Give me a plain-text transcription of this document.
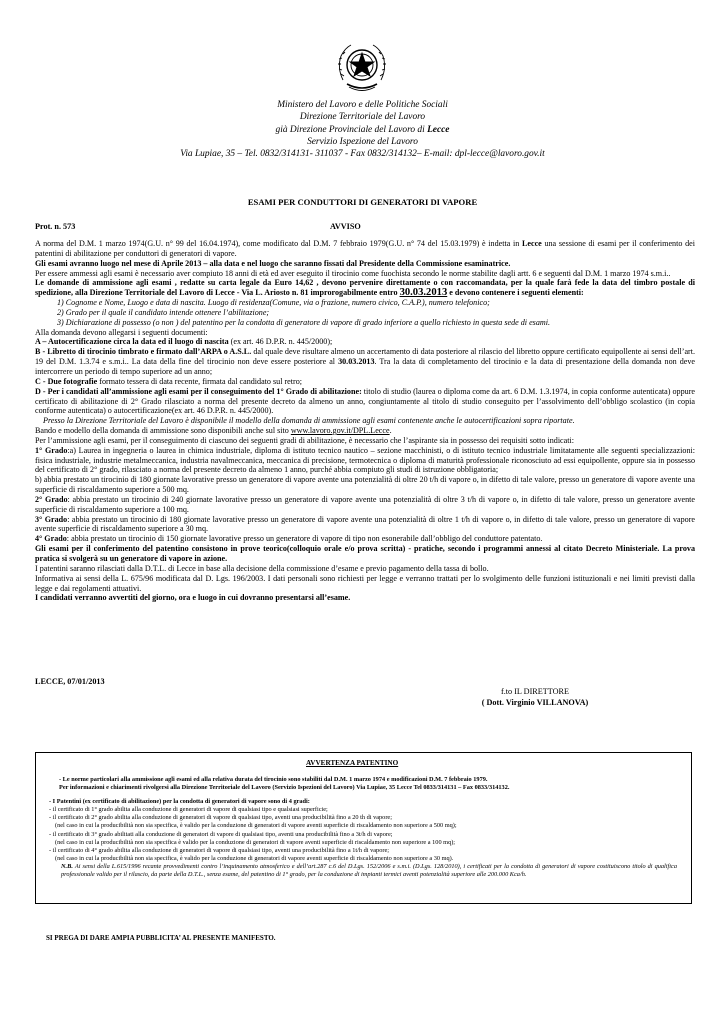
Ministero del Lavoro e delle Politiche Sociali
Direzione Territoriale del Lavoro
già Direzione Provinciale del Lavoro di Lecce
Servizio Ispezione del Lavoro
Via Lupiae, 35 – Tel. 0832/314131- 311037 - Fax 0832/314132– E-mail: dpl-lecce@lavoro.gov.it
ESAMI PER CONDUTTORI DI GENERATORI DI VAPORE
Prot. n. 573	AVVISO

A norma del D.M. 1 marzo 1974(G.U. n° 99 del 16.04.1974), come modificato dal D.M. 7 febbraio 1979(G.U. n° 74 del 15.03.1979) è indetta in Lecce una sessione di esami per il conferimento dei patentini di abilitazione per conduttori di generatori di vapore.

Gli esami avranno luogo nel mese di Aprile 2013 – alla data e nel luogo che saranno fissati dal Presidente della Commissione esaminatrice.

Per essere ammessi agli esami è necessario aver compiuto 18 anni di età ed aver eseguito il tirocinio come fuochista secondo le norme stabilite dagli artt. 6 e seguenti dal D.M. 1 marzo 1974 s.m.i..

Le domande di ammissione agli esami , redatte su carta legale da Euro 14,62 , devono pervenire direttamente o con raccomandata, per la quale farà fede la data del timbro postale di spedizione, alla Direzione Territoriale del Lavoro di Lecce - Via L. Ariosto n. 81 improrogabilmente entro 30.03.2013 e devono contenere i seguenti elementi:

1) Cognome e Nome, Luogo e data di nascita. Luogo di residenza(Comune, via o frazione, numero civico, C.A.P.), numero telefonico;
2) Grado per il quale il candidato intende ottenere l’abilitazione;
3) Dichiarazione di possesso (o non ) del patentino per la condotta di generatore di vapore di grado inferiore a quello richiesto in questa sede di esami.

Alla domanda devono allegarsi i seguenti documenti:

A – Autocertificazione circa la data ed il luogo di nascita (ex art. 46 D.P.R. n. 445/2000);

B - Libretto di tirocinio timbrato e firmato dall’ARPA o A.S.L. dal quale deve risultare almeno un accertamento di data posteriore al rilascio del libretto oppure certificato equipollente ai sensi dell’art. 19 del D.M. 1.3.74 e s.m.i.. La data della fine del tirocinio non deve essere posteriore al 30.03.2013. Tra la data di completamento del tirocinio e la data di presentazione della domanda non deve intercorrere un periodo di tempo superiore ad un anno;

C - Due fotografie formato tessera di data recente, firmata dal candidato sul retro;

D - Per i candidati all’ammissione agli esami per il conseguimento del 1° Grado di abilitazione: titolo di studio (laurea o diploma come da art. 6 D.M. 1.3.1974, in copia conforme autenticata) oppure certificato di abilitazione di 2° Grado rilasciato a norma del presente decreto da almeno un anno, congiuntamente al titolo di studio conseguito per l’assolvimento dell’obbligo scolastico (in copia conforme autenticata) o autocertificazione(ex art. 46 D.P.R. n. 445/2000).

Presso la Direzione Territoriale del Lavoro è disponibile il modello della domanda di ammissione agli esami contenente anche le autocertificazioni sopra riportate.

Bando e modello della domanda di ammissione sono disponibili anche sul sito www.lavoro.gov.it/DPL.Lecce.

Per l’ammissione agli esami, per il conseguimento di ciascuno dei seguenti gradi di abilitazione, è necessario che l’aspirante sia in possesso dei requisiti sotto indicati:

1° Grado:a) Laurea in ingegneria o laurea in chimica industriale, diploma di istituto tecnico nautico – sezione macchinisti, o di istituto tecnico industriale limitatamente alle seguenti specializzazioni: fisica industriale, industrie metalmeccanica, industria navalmeccanica, meccanica di precisione, termotecnica o diploma di maturità professionale riconosciuto ad essi equipollente, oppure sia in possesso del certificato di 2° grado, rilasciato a norma del presente decreto da almeno 1 anno, purché abbia compiuto gli studi di istruzione obbligatoria;

b) abbia prestato un tirocinio di 180 giornate lavorative presso un generatore di vapore avente una potenzialità di oltre 20 t/h di vapore o, in difetto di tale valore, presso un generatore di vapore avente una superficie di riscaldamento superiore a 500 mq.

2° Grado: abbia prestato un tirocinio di 240 giornate lavorative presso un generatore di vapore avente una potenzialità di oltre 3 t/h di vapore o, in difetto di tale valore, presso un generatore avente superficie di riscaldamento superiore a 100 mq.

3° Grado: abbia prestato un tirocinio di 180 giornate lavorative presso un generatore di vapore avente una potenzialità di oltre 1 t/h di vapore o, in difetto di tale valore, presso un generatore di vapore avente superficie di riscaldamento superiore a 30 mq.

4° Grado: abbia prestato un tirocinio di 150 giornate lavorative presso un generatore di vapore di tipo non esonerabile dall’obbligo del conduttore patentato.

Gli esami per il conferimento del patentino consistono in prove teorico(colloquio orale e/o prova scritta) - pratiche, secondo i programmi annessi al citato Decreto Ministeriale. La prova pratica si svolgerà su un generatore di vapore in azione.

I patentini saranno rilasciati dalla D.T.L. di Lecce in base alla decisione della commissione d’esame e previo pagamento della tassa di bollo.

Informativa ai sensi della L. 675/96 modificata dal D. Lgs. 196/2003. I dati personali sono richiesti per legge e verranno trattati per lo svolgimento delle funzioni istituzionali e nei limiti previsti dalla legge e dai regolamenti attuativi.

I candidati verranno avvertiti del giorno, ora e luogo in cui dovranno presentarsi all’esame.

LECCE, 07/01/2013
f.to IL DIRETTORE
( Dott. Virginio VILLANOVA)
AVVERTENZA PATENTINO

- Le norme particolari alla ammissione agli esami ed alla relativa durata del tirocinio sono stabiliti dal D.M. 1 marzo 1974 e modificazioni D.M. 7 febbraio 1979.

Per informazioni e chiarimenti rivolgersi alla Direzione Territoriale del Lavoro (Servizio Ispezioni del Lavoro) Via Lupiae, 35 Lecce Tel 0833/314131 – Fax 0833/314132.

- I Patentini (ex certificato di abilitazione) per la condotta di generatori di vapore sono di 4 gradi:

- il certificato di 1° grado abilita alla conduzione di generatori di vapore di qualsiasi tipo e qualsiasi superficie;

- il certificato di 2° grado abilita alla conduzione di generatori di vapore di qualsiasi tipo, aventi una producibilità fino a 20 th di vapore;

(nel caso in cui la producibilità non sia specifica, è valido per la conduzione di generatori di vapore aventi superficie di riscaldamento non superiore a 500 mq);

- il certificato di 3° grado abilitati alla conduzione di generatori di vapore di qualsiasi tipo, aventi una producibilità fino a 3t/h di vapore;

(nel caso in cui la producibilità non sia specifica è valido per la conduzione di generatori di vapore aventi superficie di riscaldamento non superiore a 100 mq);

- il certificato di 4° grado abilita alla conduzione di generatori di vapore di qualsiasi tipo, aventi una producibilità fino a 1t/h di vapore;

(nel caso in cui la producibilità non sia specifica, è valido per la conduzione di generatori di vapore aventi superficie di riscaldamento non superiore a 30 mq).

N.B. Ai sensi della L.615/1996 recante provvedimenti contro l’inquinamento atmosferico e dell’art.287 c.6 del D.Lgs. 152/2006 e s.m.i. (D.Lgs. 128/2010), i certificati per la condotta di generatori di vapore costituiscono titolo di qualifica professionale valido per il rilascio, da parte della D.T.L., senza esame, del patentino di 1° grado, per la conduzione di impianti termici aventi potenzialità superiore alle 200.000 Kca/h.

SI PREGA DI DARE AMPIA PUBBLICITA’ AL PRESENTE MANIFESTO.
